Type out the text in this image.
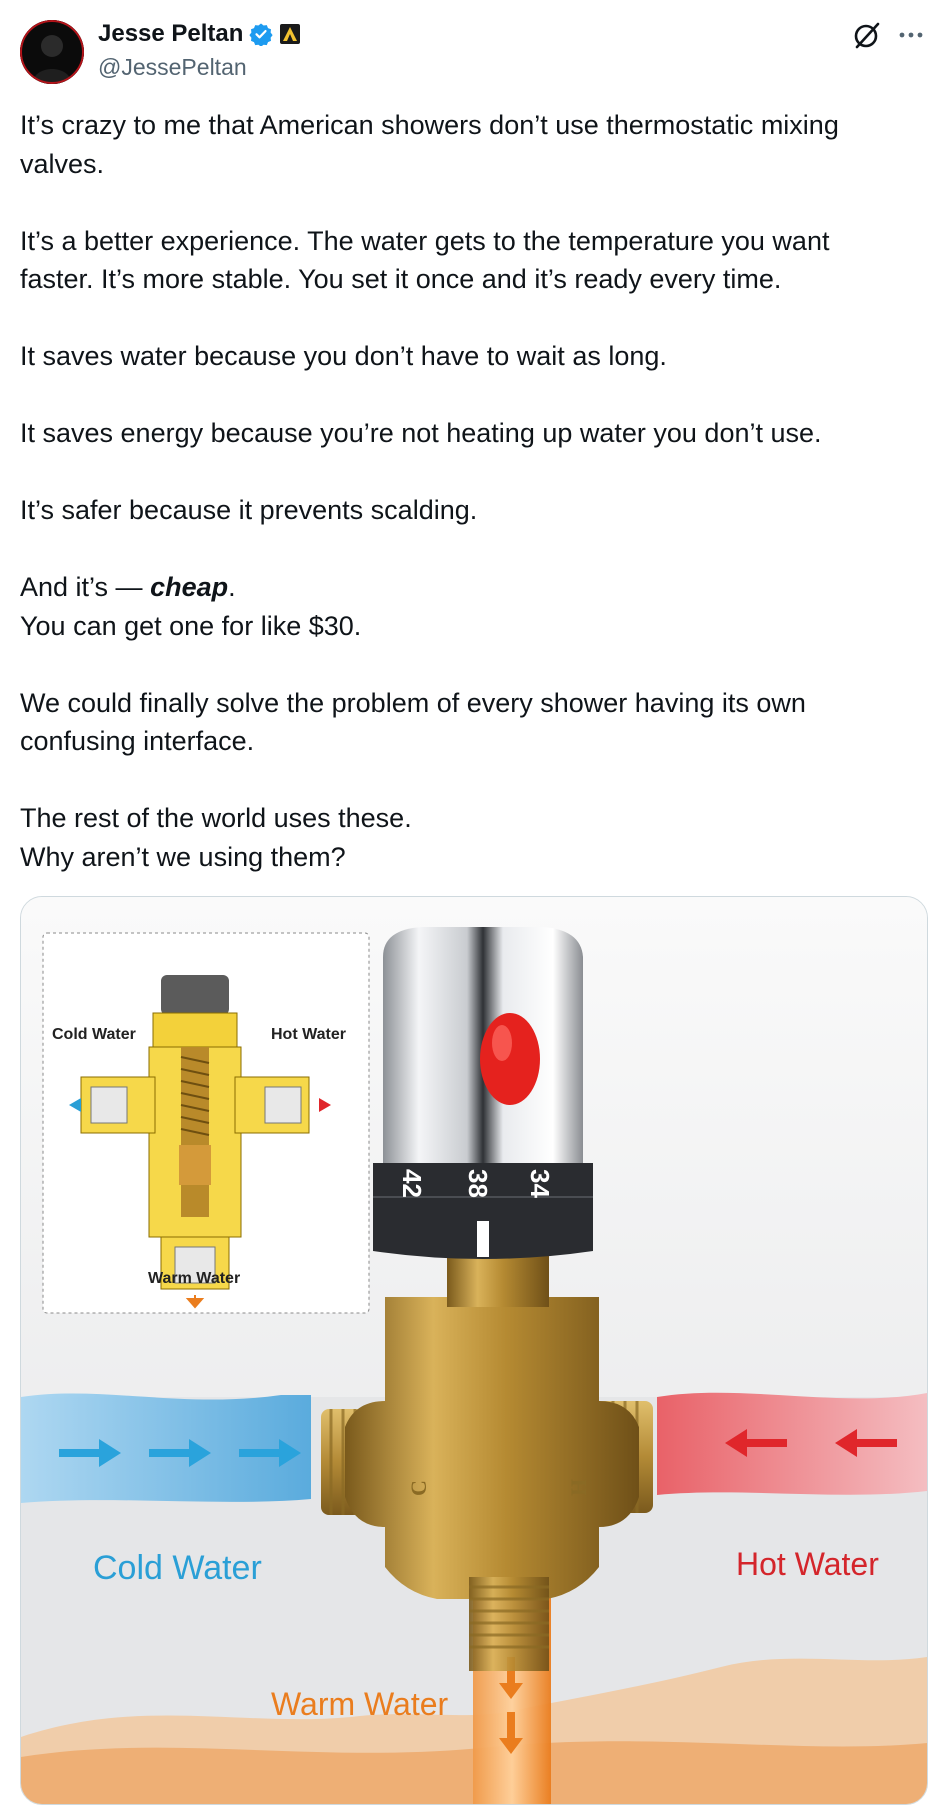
Jesse Peltan
@JessePeltan

It’s crazy to me that American showers don’t use thermostatic mixing valves.

It’s a better experience. The water gets to the temperature you want faster. It’s more stable. You set it once and it’s ready every time.

It saves water because you don’t have to wait as long.

It saves energy because you’re not heating up water you don’t use.

It’s safer because it prevents scalding.

And it’s — cheap.
You can get one for like $30.

We could finally solve the problem of every shower having its own confusing interface.

The rest of the world uses these.
Why aren’t we using them?

Cold Water	Hot Water
Warm Water
C	H
42 38 34
Cold Water	Hot Water
Warm Water
